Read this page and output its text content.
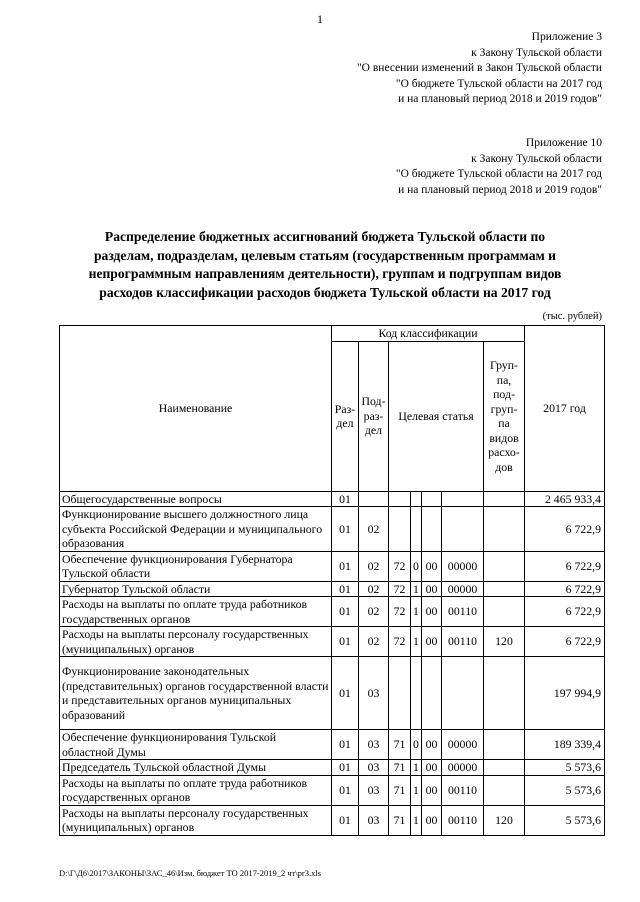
1
Приложение 3
к Закону Тульской области
"О внесении изменений в Закон Тульской области
"О бюджете Тульской области на 2017 год
и на плановый период 2018 и 2019 годов"
Приложение 10
к Закону Тульской области
"О бюджете Тульской области на 2017 год
и на плановый период 2018 и 2019 годов"
Распределение бюджетных ассигнований бюджета Тульской области по
разделам, подразделам, целевым статьям (государственным программам и
непрограммным направлениям деятельности), группам и подгруппам видов
расходов классификации расходов бюджета Тульской области на 2017 год
(тыс. рублей)
Наименование	Код классификации							2017 год
	Раз- дел	Под- раз- дел	Целевая статья				Груп- па, под- груп- па видов расхо- дов	
Общегосударственные вопросы	01							2 465 933,4
Функционирование высшего должностного лица субъекта Российской Федерации и муниципального образования	01	02						6 722,9
Обеспечение функционирования Губернатора Тульской области	01	02	72	0	00	00000		6 722,9
Губернатор Тульской области	01	02	72	1	00	00000		6 722,9
Расходы на выплаты по оплате труда работников государственных органов	01	02	72	1	00	00110		6 722,9
Расходы на выплаты персоналу государственных (муниципальных) органов	01	02	72	1	00	00110	120	6 722,9
Функционирование законодательных (представительных) органов государственной власти и представительных органов муниципальных образований	01	03						197 994,9
Обеспечение функционирования Тульской областной Думы	01	03	71	0	00	00000		189 339,4
Председатель Тульской областной Думы	01	03	71	1	00	00000		5 573,6
Расходы на выплаты по оплате труда работников государственных органов	01	03	71	1	00	00110		5 573,6
Расходы на выплаты персоналу государственных (муниципальных) органов	01	03	71	1	00	00110	120	5 573,6
D:\Г\Д6\2017\ЗАКОНЫ\ЗАС_46\Изм. бюджет ТО 2017-2019_2 чт\pr3.xls
